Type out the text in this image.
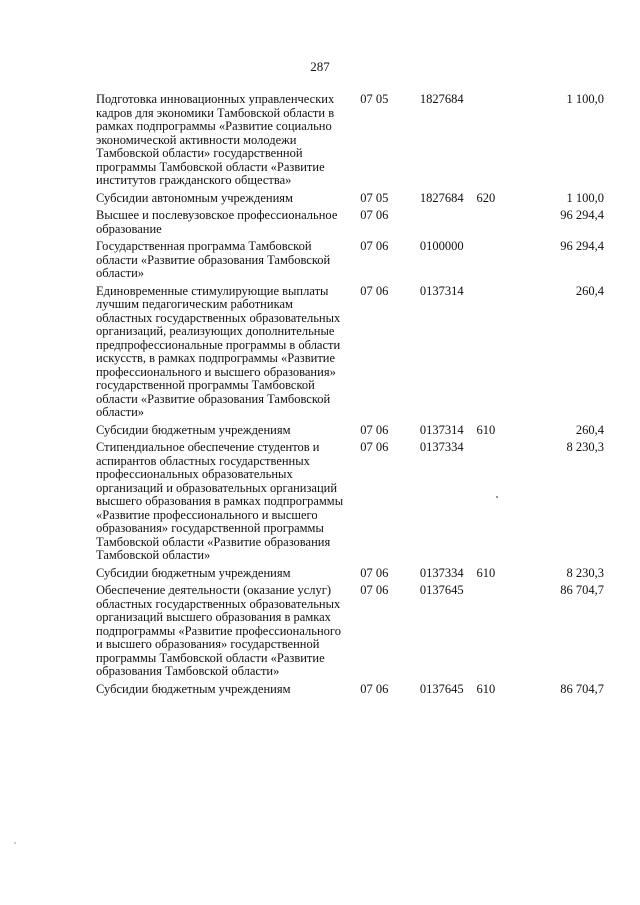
287
Подготовка инновационных управленческих кадров для экономики Тамбовской области в рамках подпрограммы «Развитие социально экономической активности молодежи Тамбовской области» государственной программы Тамбовской области «Развитие институтов гражданского общества»	07 05	1827684		1 100,0
Субсидии автономным учреждениям	07 05	1827684	620	1 100,0
Высшее и послевузовское профессиональное образование	07 06			96 294,4
Государственная программа Тамбовской области «Развитие образования Тамбовской области»	07 06	0100000		96 294,4
Единовременные стимулирующие выплаты лучшим педагогическим работникам областных государственных образовательных организаций, реализующих дополнительные предпрофессиональные программы в области искусств, в рамках подпрограммы «Развитие профессионального и высшего образования» государственной программы Тамбовской области «Развитие образования Тамбовской области»	07 06	0137314		260,4
Субсидии бюджетным учреждениям	07 06	0137314	610	260,4
Стипендиальное обеспечение студентов и аспирантов областных государственных профессиональных образовательных организаций и образовательных организаций высшего образования в рамках подпрограммы «Развитие профессионального и высшего образования» государственной программы Тамбовской области «Развитие образования Тамбовской области»	07 06	0137334		8 230,3
Субсидии бюджетным учреждениям	07 06	0137334	610	8 230,3
Обеспечение деятельности (оказание услуг) областных государственных образовательных организаций высшего образования в рамках подпрограммы «Развитие профессионального и высшего образования» государственной программы Тамбовской области «Развитие образования Тамбовской области»	07 06	0137645		86 704,7
Субсидии бюджетным учреждениям	07 06	0137645	610	86 704,7
